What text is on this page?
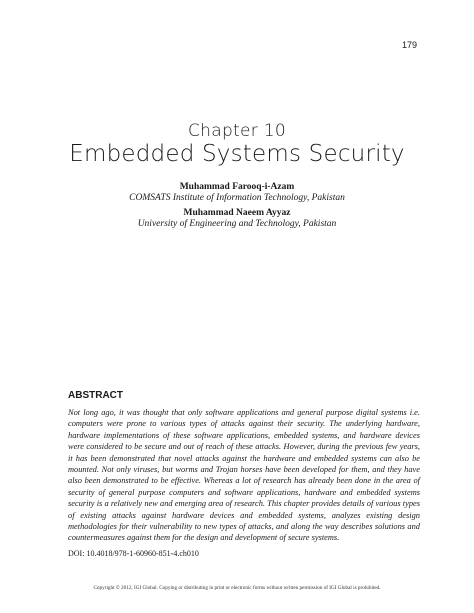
179
Chapter 10
Embedded Systems Security
Muhammad Farooq-i-Azam
COMSATS Institute of Information Technology, Pakistan
Muhammad Naeem Ayyaz
University of Engineering and Technology, Pakistan
ABSTRACT

Not long ago, it was thought that only software applications and general purpose digital systems i.e. computers were prone to various types of attacks against their security. The underlying hardware, hardware implementations of these software applications, embedded systems, and hardware devices were considered to be secure and out of reach of these attacks. However, during the previous few years, it has been demonstrated that novel attacks against the hardware and embedded systems can also be mounted. Not only viruses, but worms and Trojan horses have been developed for them, and they have also been demonstrated to be effective. Whereas a lot of research has already been done in the area of security of general purpose computers and software applications, hardware and embedded systems security is a relatively new and emerging area of research. This chapter provides details of various types of existing attacks against hardware devices and embedded systems, analyzes existing design methodologies for their vulnerability to new types of attacks, and along the way describes solutions and countermeasures against them for the design and development of secure systems.

DOI: 10.4018/978-1-60960-851-4.ch010
Copyright © 2012, IGI Global. Copying or distributing in print or electronic forms without written permission of IGI Global is prohibited.
